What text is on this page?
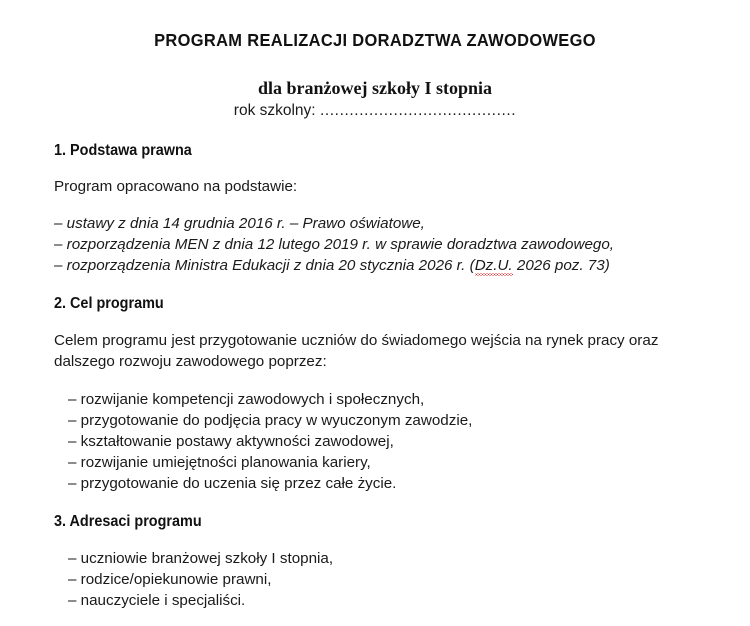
PROGRAM REALIZACJI DORADZTWA ZAWODOWEGO

dla branżowej szkoły I stopnia

rok szkolny: ........................................

1. Podstawa prawna

Program opracowano na podstawie:

– ustawy z dnia 14 grudnia 2016 r. – Prawo oświatowe,
– rozporządzenia MEN z dnia 12 lutego 2019 r. w sprawie doradztwa zawodowego,
– rozporządzenia Ministra Edukacji z dnia 20 stycznia 2026 r. (Dz.U. 2026 poz. 73)
2. Cel programu

Celem programu jest przygotowanie uczniów do świadomego wejścia na rynek pracy oraz dalszego rozwoju zawodowego poprzez:

– rozwijanie kompetencji zawodowych i społecznych,
– przygotowanie do podjęcia pracy w wyuczonym zawodzie,
– kształtowanie postawy aktywności zawodowej,
– rozwijanie umiejętności planowania kariery,
– przygotowanie do uczenia się przez całe życie.
3. Adresaci programu
– uczniowie branżowej szkoły I stopnia,
– rodzice/opiekunowie prawni,
– nauczyciele i specjaliści.
